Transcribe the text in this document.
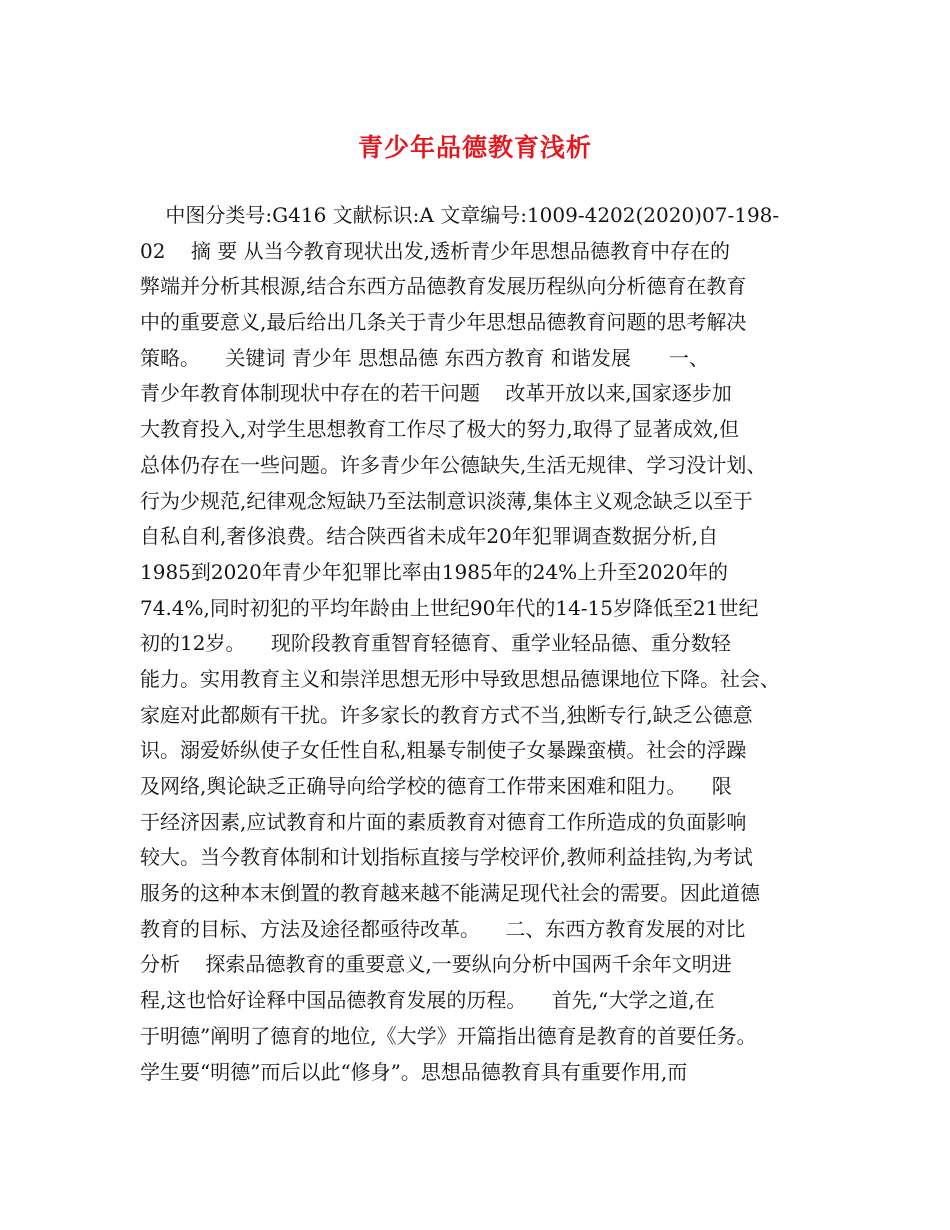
青少年品德教育浅析
中图分类号:G416 文献标识:A 文章编号:1009-4202(2020)07-198-
02    摘 要 从当今教育现状出发,透析青少年思想品德教育中存在的
弊端并分析其根源,结合东西方品德教育发展历程纵向分析德育在教育
中的重要意义,最后给出几条关于青少年思想品德教育问题的思考解决
策略。    关键词 青少年 思想品德 东西方教育 和谐发展      一、
青少年教育体制现状中存在的若干问题    改革开放以来,国家逐步加
大教育投入,对学生思想教育工作尽了极大的努力,取得了显著成效,但
总体仍存在一些问题。许多青少年公德缺失,生活无规律、学习没计划、
行为少规范,纪律观念短缺乃至法制意识淡薄,集体主义观念缺乏以至于
自私自利,奢侈浪费。结合陕西省未成年20年犯罪调查数据分析,自
1985到2020年青少年犯罪比率由1985年的24%上升至2020年的
74.4%,同时初犯的平均年龄由上世纪90年代的14-15岁降低至21世纪
初的12岁。    现阶段教育重智育轻德育、重学业轻品德、重分数轻
能力。实用教育主义和崇洋思想无形中导致思想品德课地位下降。社会、
家庭对此都颇有干扰。许多家长的教育方式不当,独断专行,缺乏公德意
识。溺爱娇纵使子女任性自私,粗暴专制使子女暴躁蛮横。社会的浮躁
及网络,舆论缺乏正确导向给学校的德育工作带来困难和阻力。    限
于经济因素,应试教育和片面的素质教育对德育工作所造成的负面影响
较大。当今教育体制和计划指标直接与学校评价,教师利益挂钩,为考试
服务的这种本末倒置的教育越来越不能满足现代社会的需要。因此道德
教育的目标、方法及途径都亟待改革。    二、东西方教育发展的对比
分析    探索品德教育的重要意义,一要纵向分析中国两千余年文明进
程,这也恰好诠释中国品德教育发展的历程。    首先,“大学之道,在
于明德”阐明了德育的地位,《大学》开篇指出德育是教育的首要任务。
学生要“明德”而后以此“修身”。思想品德教育具有重要作用,而
